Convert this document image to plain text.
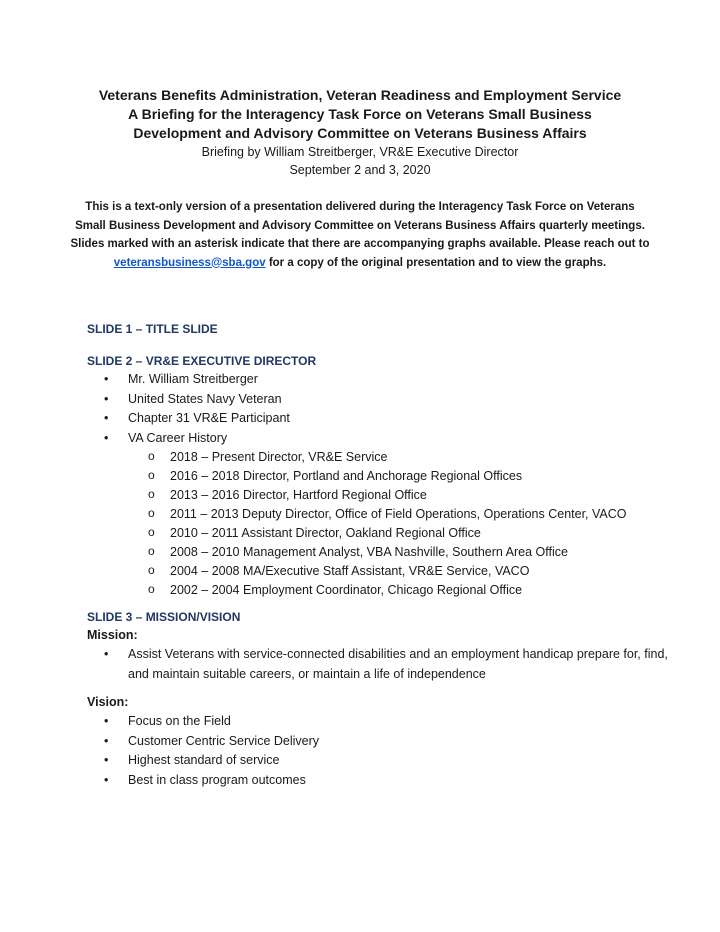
Veterans Benefits Administration, Veteran Readiness and Employment Service
A Briefing for the Interagency Task Force on Veterans Small Business
Development and Advisory Committee on Veterans Business Affairs
Briefing by William Streitberger, VR&E Executive Director
September 2 and 3, 2020
This is a text-only version of a presentation delivered during the Interagency Task Force on Veterans Small Business Development and Advisory Committee on Veterans Business Affairs quarterly meetings. Slides marked with an asterisk indicate that there are accompanying graphs available. Please reach out to veteransbusiness@sba.gov for a copy of the original presentation and to view the graphs.
SLIDE 1 – TITLE SLIDE
SLIDE 2 – VR&E EXECUTIVE DIRECTOR
• Mr. William Streitberger
• United States Navy Veteran
• Chapter 31 VR&E Participant
• VA Career History
o 2018 – Present Director, VR&E Service
o 2016 – 2018 Director, Portland and Anchorage Regional Offices
o 2013 – 2016 Director, Hartford Regional Office
o 2011 – 2013 Deputy Director, Office of Field Operations, Operations Center, VACO
o 2010 – 2011 Assistant Director, Oakland Regional Office
o 2008 – 2010 Management Analyst, VBA Nashville, Southern Area Office
o 2004 – 2008 MA/Executive Staff Assistant, VR&E Service, VACO
o 2002 – 2004 Employment Coordinator, Chicago Regional Office
SLIDE 3 – MISSION/VISION
Mission:
• Assist Veterans with service-connected disabilities and an employment handicap prepare for, find, and maintain suitable careers, or maintain a life of independence
Vision:
• Focus on the Field
• Customer Centric Service Delivery
• Highest standard of service
• Best in class program outcomes
